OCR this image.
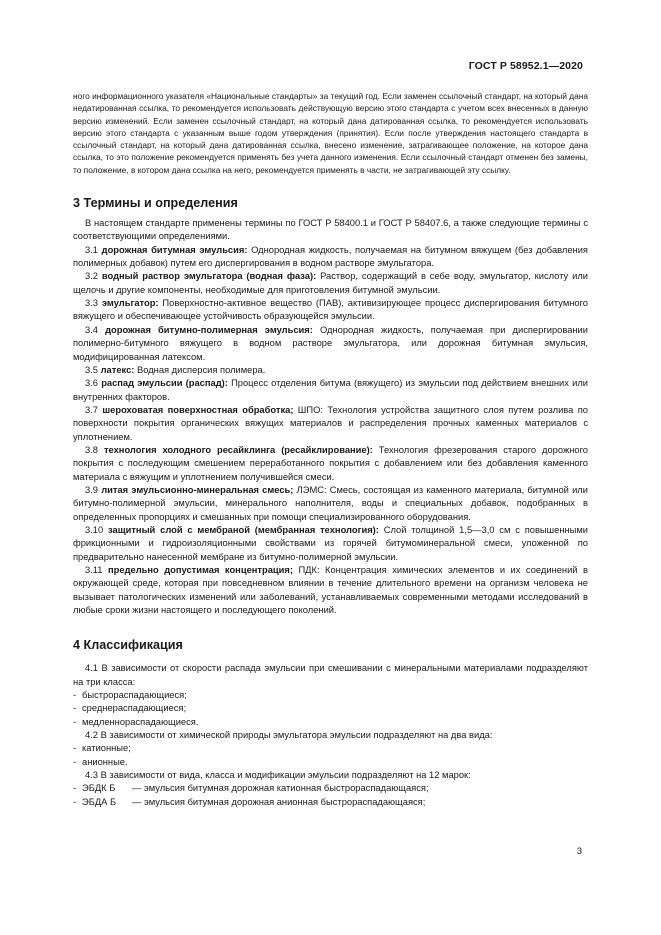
ГОСТ Р 58952.1—2020

ного информационного указателя «Национальные стандарты» за текущий год. Если заменен ссылочный стандарт, на который дана недатированная ссылка, то рекомендуется использовать действующую версию этого стандарта с учетом всех внесенных в данную версию изменений. Если заменен ссылочный стандарт, на который дана датированная ссылка, то рекомендуется использовать версию этого стандарта с указанным выше годом утверждения (принятия). Если после утверждения настоящего стандарта в ссылочный стандарт, на который дана датированная ссылка, внесено изменение, затрагивающее положение, на которое дана ссылка, то это положение рекомендуется применять без учета данного изменения. Если ссылочный стандарт отменен без замены, то положение, в котором дана ссылка на него, рекомендуется применять в части, не затрагивающей эту ссылку.

3 Термины и определения

В настоящем стандарте применены термины по ГОСТ Р 58400.1 и ГОСТ Р 58407.6, а также следующие термины с соответствующими определениями.

3.1 дорожная битумная эмульсия: Однородная жидкость, получаемая на битумном вяжущем (без добавления полимерных добавок) путем его диспергирования в водном растворе эмульгатора.

3.2 водный раствор эмульгатора (водная фаза): Раствор, содержащий в себе воду, эмульгатор, кислоту или щелочь и другие компоненты, необходимые для приготовления битумной эмульсии.

3.3 эмульгатор: Поверхностно-активное вещество (ПАВ), активизирующее процесс диспергирования битумного вяжущего и обеспечивающее устойчивость образующейся эмульсии.

3.4 дорожная битумно-полимерная эмульсия: Однородная жидкость, получаемая при диспергировании полимерно-битумного вяжущего в водном растворе эмульгатора, или дорожная битумная эмульсия, модифицированная латексом.

3.5 латекс: Водная дисперсия полимера.

3.6 распад эмульсии (распад): Процесс отделения битума (вяжущего) из эмульсии под действием внешних или внутренних факторов.

3.7 шероховатая поверхностная обработка; ШПО: Технология устройства защитного слоя путем розлива по поверхности покрытия органических вяжущих материалов и распределения прочных каменных материалов с уплотнением.

3.8 технология холодного ресайклинга (ресайклирование): Технология фрезерования старого дорожного покрытия с последующим смешением переработанного покрытия с добавлением или без добавления каменного материала с вяжущим и уплотнением получившейся смеси.

3.9 литая эмульсионно-минеральная смесь; ЛЭМС: Смесь, состоящая из каменного материала, битумной или битумно-полимерной эмульсии, минерального наполнителя, воды и специальных добавок, подобранных в определенных пропорциях и смешанных при помощи специализированного оборудования.

3.10 защитный слой с мембраной (мембранная технология): Слой толщиной 1,5—3,0 см с повышенными фрикционными и гидроизоляционными свойствами из горячей битумоминеральной смеси, уложенной по предварительно нанесенной мембране из битумно-полимерной эмульсии.

3.11 предельно допустимая концентрация; ПДК: Концентрация химических элементов и их соединений в окружающей среде, которая при повседневном влиянии в течение длительного времени на организм человека не вызывает патологических изменений или заболеваний, устанавливаемых современными методами исследований в любые сроки жизни настоящего и последующего поколений.

4 Классификация

4.1 В зависимости от скорости распада эмульсии при смешивании с минеральными материалами подразделяют на три класса:

- быстрораспадающиеся;
- среднераспадающиеся;
- медленнораспадающиеся.

4.2 В зависимости от химической природы эмульгатора эмульсии подразделяют на два вида:

- катионные;
- анионные.

4.3 В зависимости от вида, класса и модификации эмульсии подразделяют на 12 марок:

- ЭБДК Б — эмульсия битумная дорожная катионная быстрораспадающаяся;
- ЭБДА Б — эмульсия битумная дорожная анионная быстрораспадающаяся;
3
